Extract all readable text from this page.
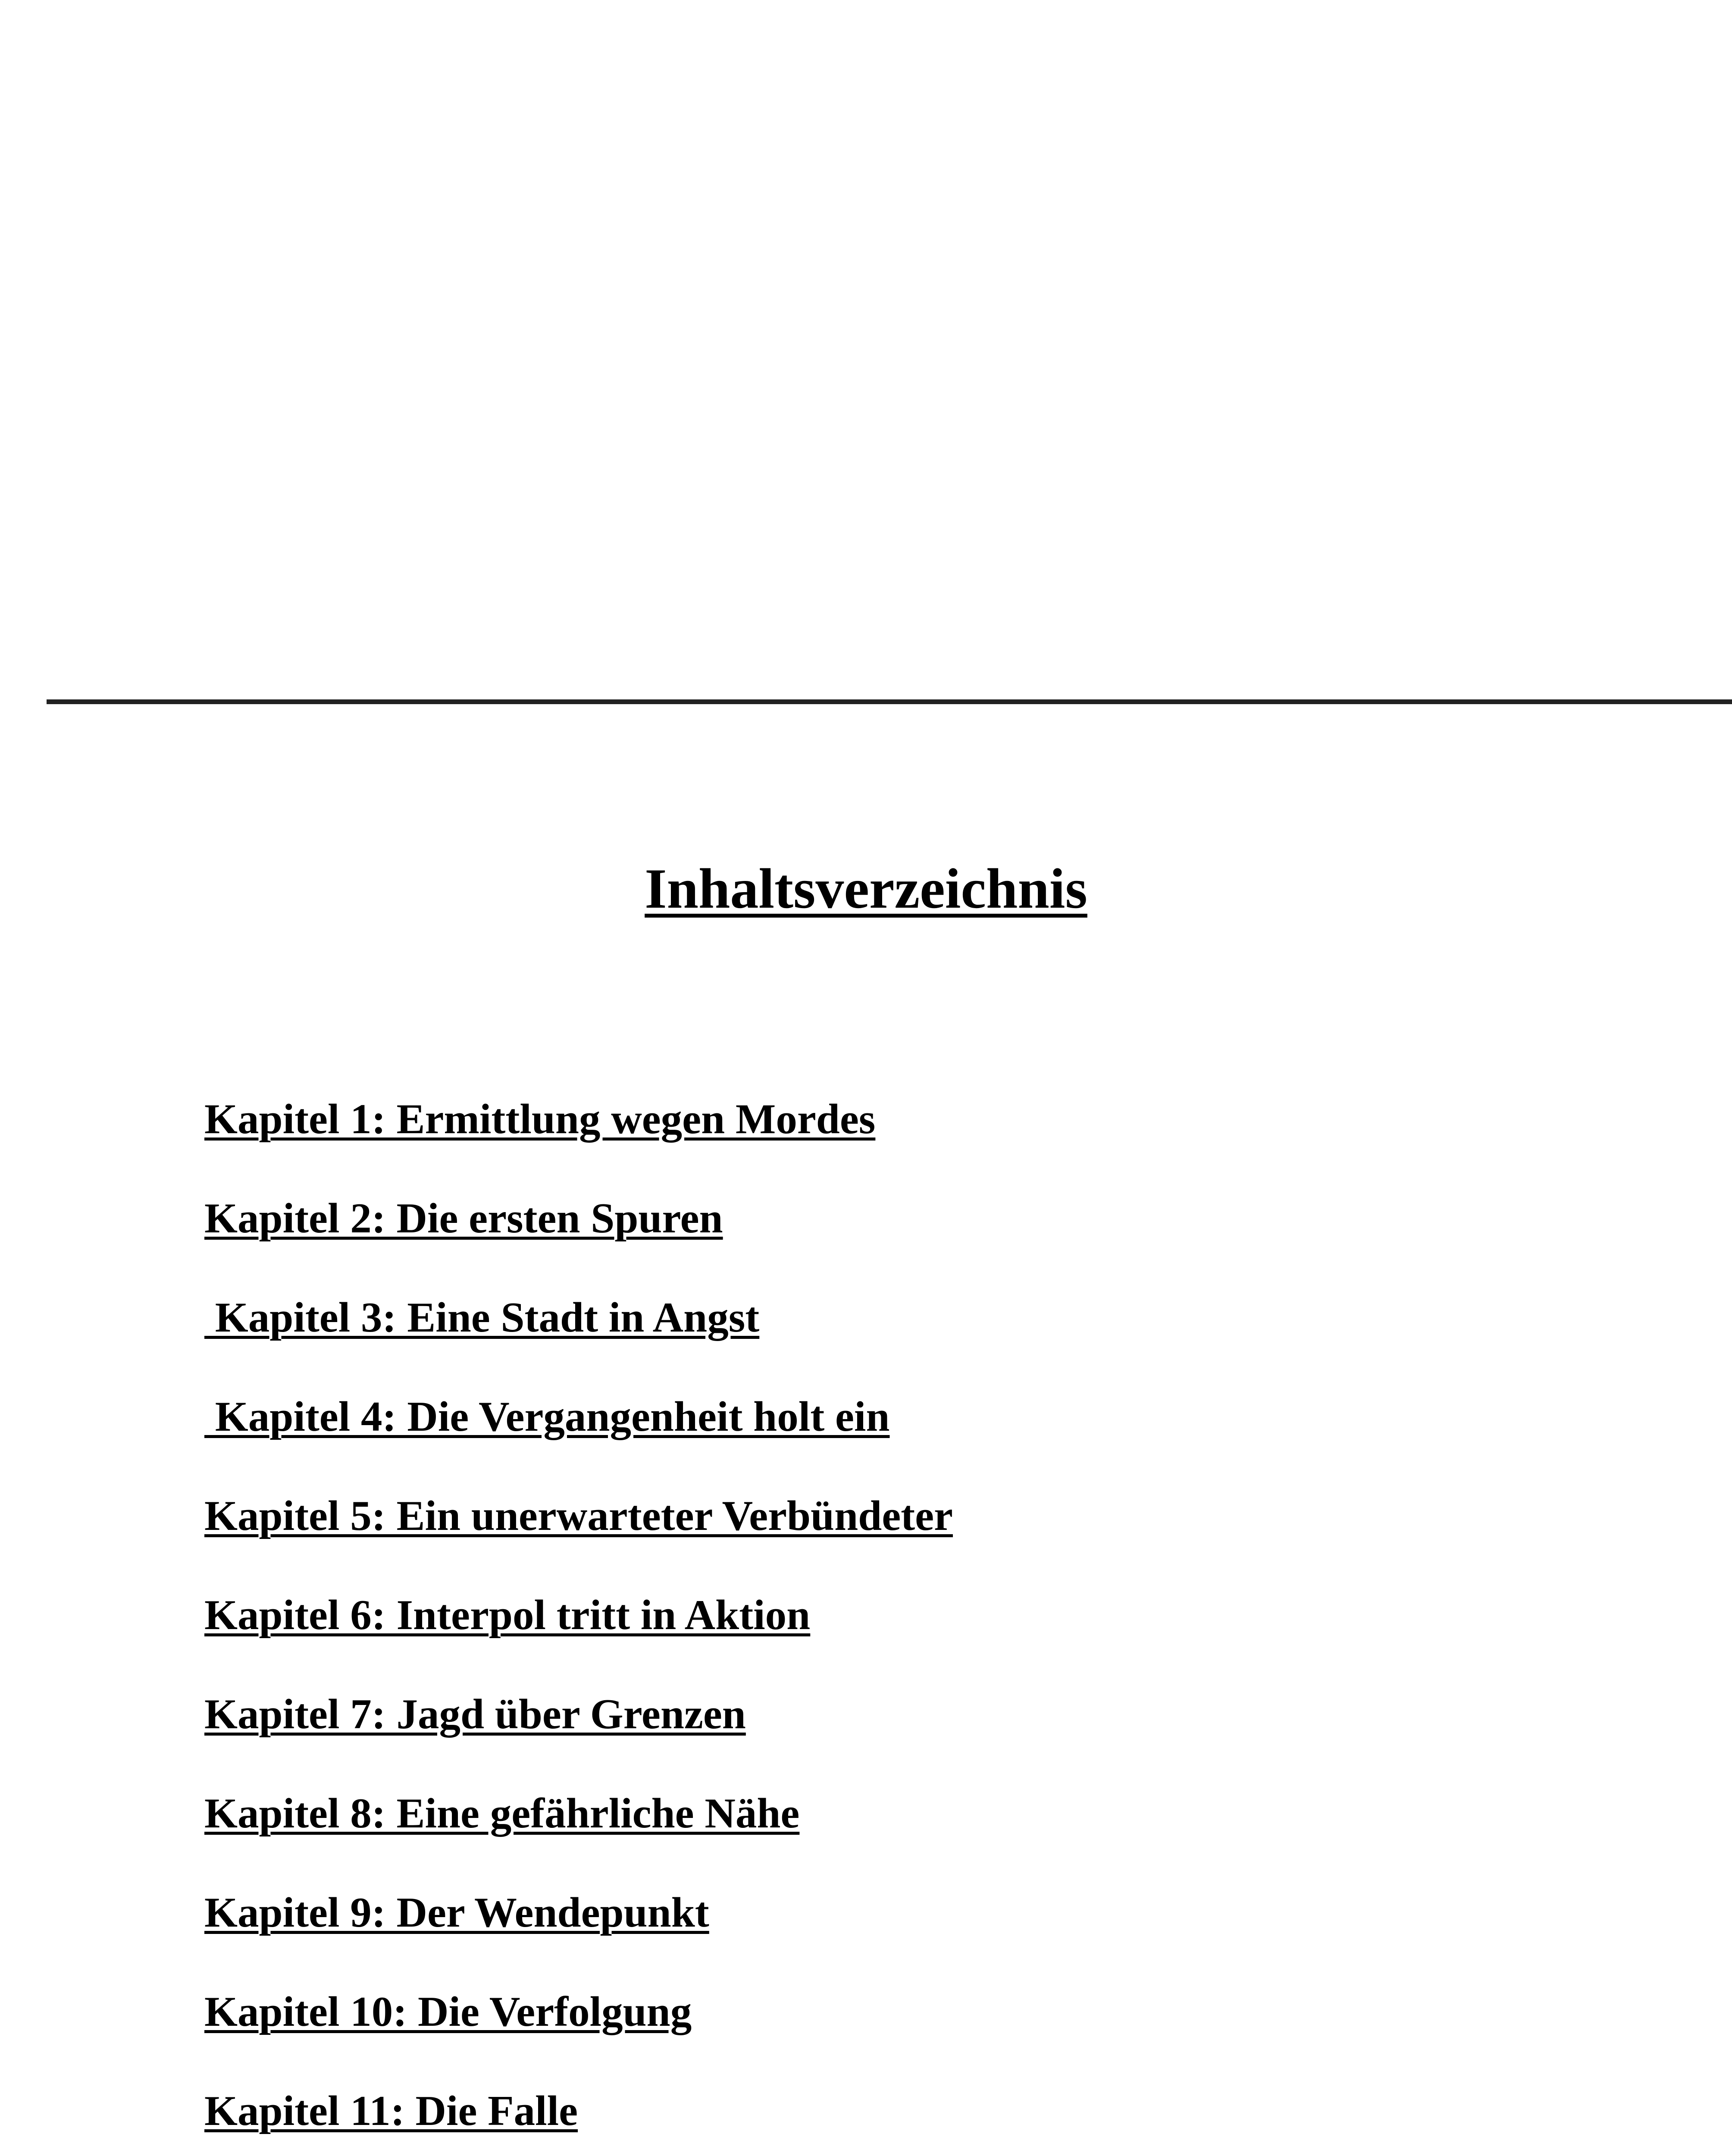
Inhaltsverzeichnis
Kapitel 1: Ermittlung wegen Mordes
Kapitel 2: Die ersten Spuren
Kapitel 3: Eine Stadt in Angst
Kapitel 4: Die Vergangenheit holt ein
Kapitel 5: Ein unerwarteter Verbündeter
Kapitel 6: Interpol tritt in Aktion
Kapitel 7: Jagd über Grenzen
Kapitel 8: Eine gefährliche Nähe
Kapitel 9: Der Wendepunkt
Kapitel 10: Die Verfolgung
Kapitel 11: Die Falle
